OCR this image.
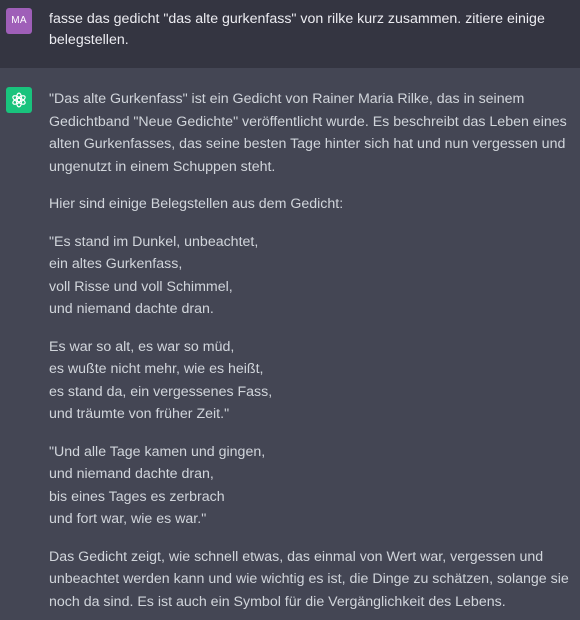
MA	fasse das gedicht "das alte gurkenfass" von rilke kurz zusammen. zitiere einige belegstellen.

"Das alte Gurkenfass" ist ein Gedicht von Rainer Maria Rilke, das in seinem Gedichtband "Neue Gedichte" veröffentlicht wurde. Es beschreibt das Leben eines alten Gurkenfasses, das seine besten Tage hinter sich hat und nun vergessen und ungenutzt in einem Schuppen steht.

Hier sind einige Belegstellen aus dem Gedicht:

"Es stand im Dunkel, unbeachtet,
ein altes Gurkenfass,
voll Risse und voll Schimmel,
und niemand dachte dran.

Es war so alt, es war so müd,
es wußte nicht mehr, wie es heißt,
es stand da, ein vergessenes Fass,
und träumte von früher Zeit."

"Und alle Tage kamen und gingen,
und niemand dachte dran,
bis eines Tages es zerbrach
und fort war, wie es war."

Das Gedicht zeigt, wie schnell etwas, das einmal von Wert war, vergessen und unbeachtet werden kann und wie wichtig es ist, die Dinge zu schätzen, solange sie noch da sind. Es ist auch ein Symbol für die Vergänglichkeit des Lebens.
